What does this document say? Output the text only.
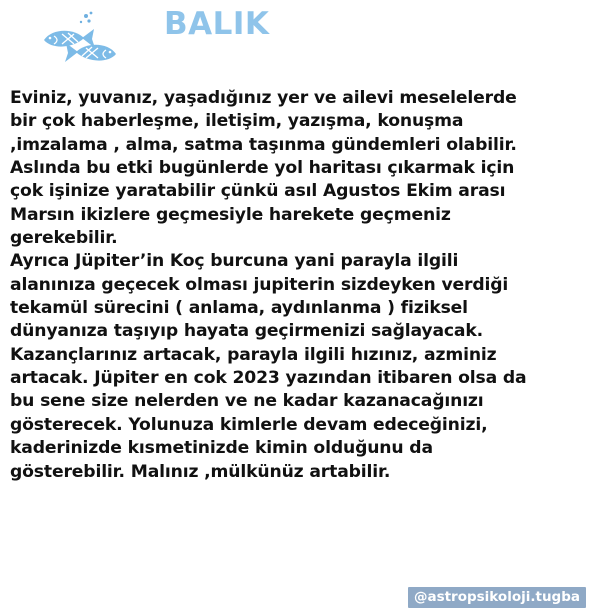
BALIK

Eviniz, yuvanız, yaşadığınız yer ve ailevi meselelerde
bir çok haberleşme, iletişim, yazışma, konuşma
,imzalama , alma, satma taşınma gündemleri olabilir.
Aslında bu etki bugünlerde yol haritası çıkarmak için
çok işinize yaratabilir çünkü asıl Agustos Ekim arası
Marsın ikizlere geçmesiyle harekete geçmeniz
gerekebilir.
Ayrıca Jüpiter’in Koç burcuna yani parayla ilgili
alanınıza geçecek olması jupiterin sizdeyken verdiği
tekamül sürecini ( anlama, aydınlanma ) fiziksel
dünyanıza taşıyıp hayata geçirmenizi sağlayacak.
Kazançlarınız artacak, parayla ilgili hızınız, azminiz
artacak. Jüpiter en cok 2023 yazından itibaren olsa da
bu sene size nelerden ve ne kadar kazanacağınızı
gösterecek. Yolunuza kimlerle devam edeceğinizi,
kaderinizde kısmetinizde kimin olduğunu da
gösterebilir. Malınız ,mülkünüz artabilir.

@astropsikoloji.tugba
